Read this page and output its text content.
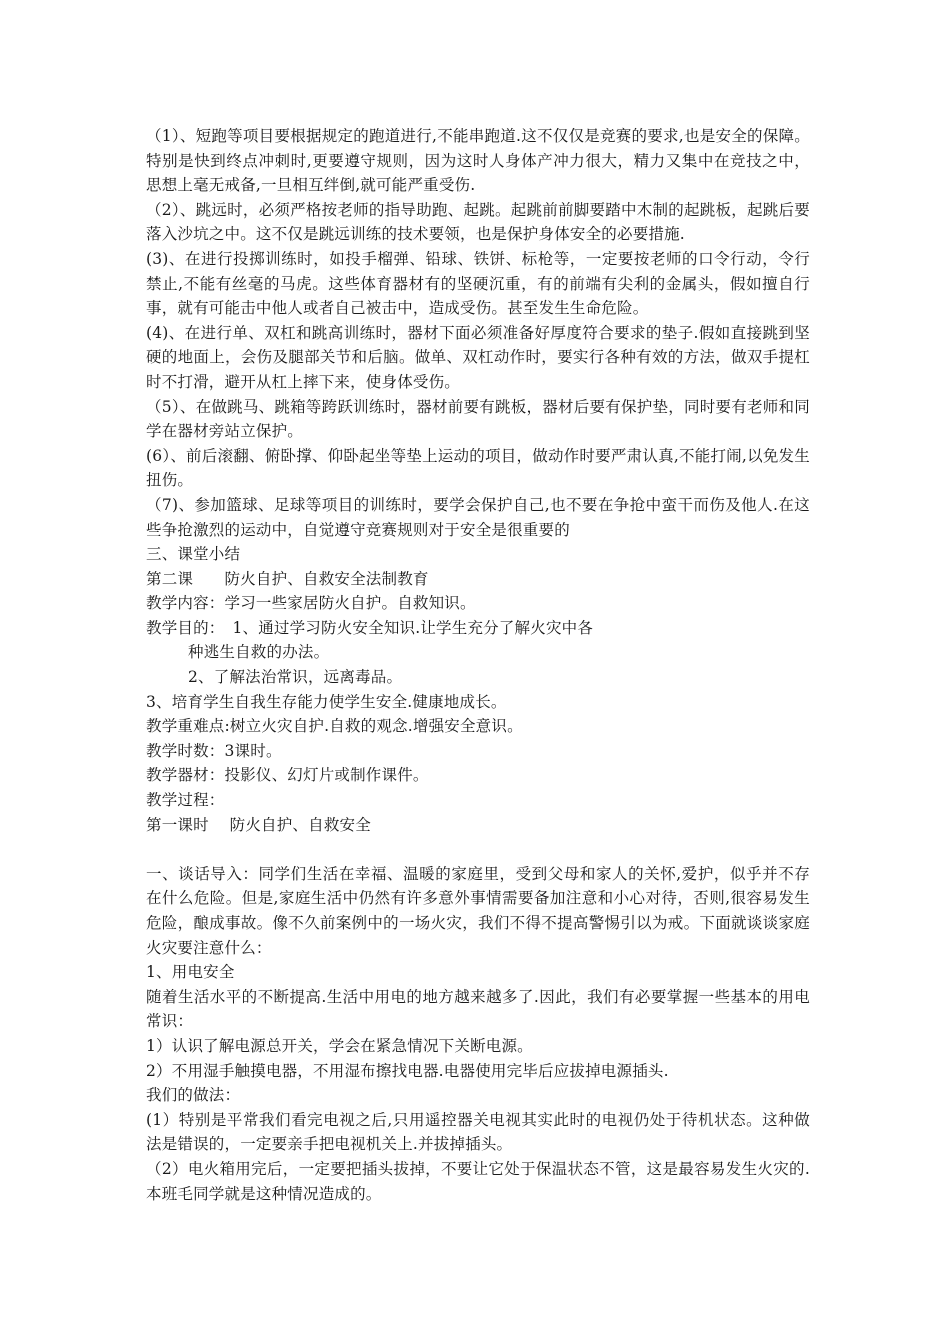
（1）、短跑等项目要根据规定的跑道进行,不能串跑道.这不仅仅是竞赛的要求,也是安全的保障。特别是快到终点冲刺时,更要遵守规则，因为这时人身体产冲力很大，精力又集中在竞技之中，思想上毫无戒备,一旦相互绊倒,就可能严重受伤.

（2）、跳远时，必须严格按老师的指导助跑、起跳。起跳前前脚要踏中木制的起跳板，起跳后要落入沙坑之中。这不仅是跳远训练的技术要领，也是保护身体安全的必要措施.

(3)、在进行投掷训练时，如投手榴弹、铅球、铁饼、标枪等，一定要按老师的口令行动，令行禁止,不能有丝毫的马虎。这些体育器材有的坚硬沉重，有的前端有尖利的金属头，假如擅自行事，就有可能击中他人或者自己被击中，造成受伤。甚至发生生命危险。

(4)、在进行单、双杠和跳高训练时，器材下面必须准备好厚度符合要求的垫子.假如直接跳到坚硬的地面上，会伤及腿部关节和后脑。做单、双杠动作时，要实行各种有效的方法，做双手提杠时不打滑，避开从杠上摔下来，使身体受伤。

（5）、在做跳马、跳箱等跨跃训练时，器材前要有跳板，器材后要有保护垫，同时要有老师和同学在器材旁站立保护。

(6）、前后滚翻、俯卧撑、仰卧起坐等垫上运动的项目，做动作时要严肃认真,不能打闹,以免发生扭伤。

（7)、参加篮球、足球等项目的训练时，要学会保护自己,也不要在争抢中蛮干而伤及他人.在这些争抢激烈的运动中，自觉遵守竞赛规则对于安全是很重要的

三、课堂小结

第二课　　防火自护、自救安全法制教育

教学内容：学习一些家居防火自护。自救知识。

教学目的：　1、通过学习防火安全知识.让学生充分了解火灾中各

种逃生自救的办法。

2、了解法治常识，远离毒品。

3、培育学生自我生存能力使学生安全.健康地成长。

教学重难点:树立火灾自护.自救的观念.增强安全意识。

教学时数：3课时。

教学器材：投影仪、幻灯片或制作课件。

教学过程：

第一课时　 防火自护、自救安全

一、谈话导入：同学们生活在幸福、温暖的家庭里，受到父母和家人的关怀,爱护，似乎并不存在什么危险。但是,家庭生活中仍然有许多意外事情需要备加注意和小心对待，否则,很容易发生危险，酿成事故。像不久前案例中的一场火灾，我们不得不提高警惕引以为戒。下面就谈谈家庭火灾要注意什么：

1、用电安全

随着生活水平的不断提高.生活中用电的地方越来越多了.因此，我们有必要掌握一些基本的用电常识：

1）认识了解电源总开关，学会在紧急情况下关断电源。

2）不用湿手触摸电器，不用湿布擦找电器.电器使用完毕后应拔掉电源插头.

我们的做法：

(1）特别是平常我们看完电视之后,只用遥控器关电视其实此时的电视仍处于待机状态。这种做法是错误的，一定要亲手把电视机关上.并拔掉插头。

（2）电火箱用完后，一定要把插头拔掉，不要让它处于保温状态不管，这是最容易发生火灾的.本班毛同学就是这种情况造成的。
